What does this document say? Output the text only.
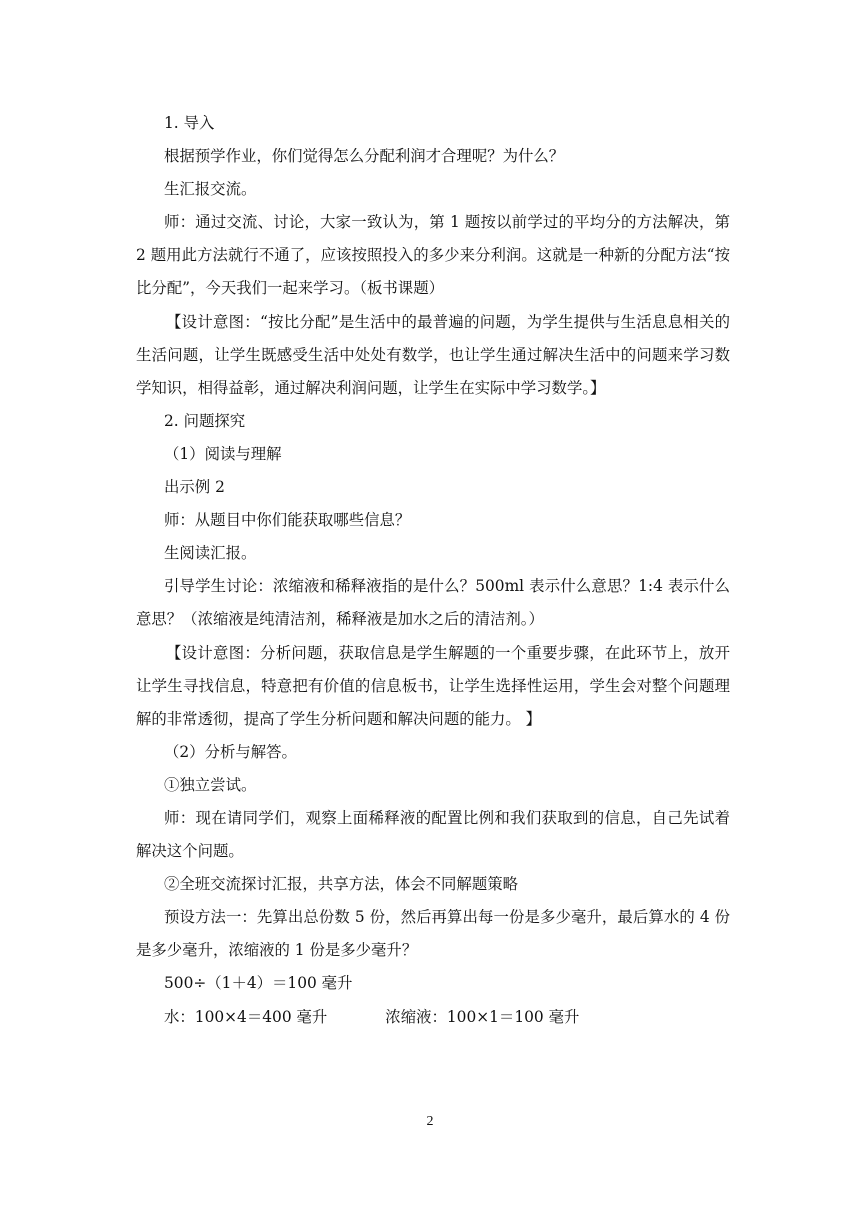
1. 导入

根据预学作业，你们觉得怎么分配利润才合理呢？为什么？

生汇报交流。

师：通过交流、讨论，大家一致认为，第 1 题按以前学过的平均分的方法解决，第 2 题用此方法就行不通了，应该按照投入的多少来分利润。这就是一种新的分配方法“按比分配”，今天我们一起来学习。（板书课题）

【设计意图：“按比分配”是生活中的最普遍的问题，为学生提供与生活息息相关的生活问题，让学生既感受生活中处处有数学，也让学生通过解决生活中的问题来学习数学知识，相得益彰，通过解决利润问题，让学生在实际中学习数学。】

2. 问题探究

（1）阅读与理解

出示例 2

师：从题目中你们能获取哪些信息？

生阅读汇报。

引导学生讨论：浓缩液和稀释液指的是什么？500ml 表示什么意思？1:4 表示什么意思？（浓缩液是纯清洁剂，稀释液是加水之后的清洁剂。）

【设计意图：分析问题，获取信息是学生解题的一个重要步骤，在此环节上，放开让学生寻找信息，特意把有价值的信息板书，让学生选择性运用，学生会对整个问题理解的非常透彻，提高了学生分析问题和解决问题的能力。 】

（2）分析与解答。

①独立尝试。

师：现在请同学们，观察上面稀释液的配置比例和我们获取到的信息，自己先试着解决这个问题。

②全班交流探讨汇报，共享方法，体会不同解题策略

预设方法一：先算出总份数 5 份，然后再算出每一份是多少毫升，最后算水的 4 份是多少毫升，浓缩液的 1 份是多少毫升？

500÷（1＋4）＝100 毫升

水：100×4＝400 毫升	浓缩液：100×1＝100 毫升
2
